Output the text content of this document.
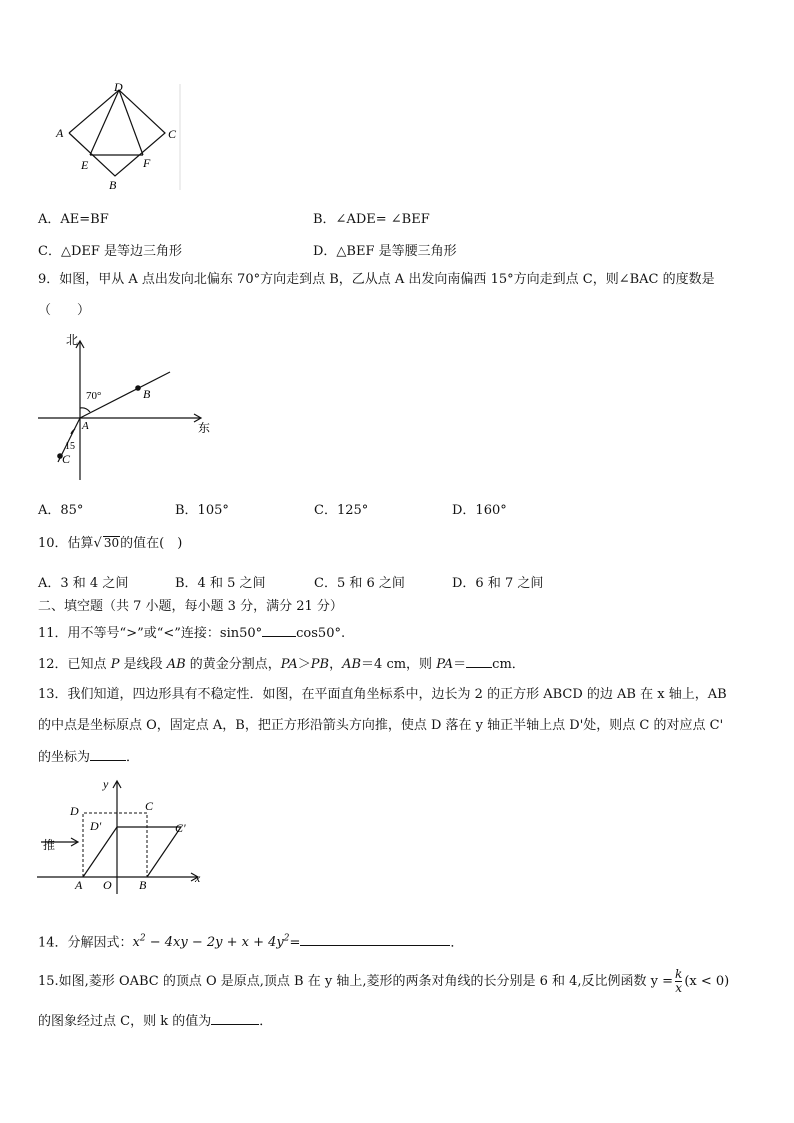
D
A	C
E	F
B
A．AE=BF	B．∠ADE= ∠BEF
C．△DEF 是等边三角形	D．△BEF 是等腰三角形
9．如图，甲从 A 点出发向北偏东 70°方向走到点 B，乙从点 A 出发向南偏西 15°方向走到点 C，则∠BAC 的度数是
（　　）
北
东
70°
15
A
B
C
A．85°	B．105°	C．125°	D．160°
10．估算√ 30的值在(　)
A．3 和 4 之间	B．4 和 5 之间	C．5 和 6 之间	D．6 和 7 之间
二、填空题（共 7 小题，每小题 3 分，满分 21 分）
11．用不等号“>”或“<”连接：sin50°	cos50°.
12．已知点 P 是线段 AB 的黄金分割点，PA＞PB，AB＝4 cm，则 PA＝ cm．
13．我们知道，四边形具有不稳定性．如图，在平面直角坐标系中，边长为 2 的正方形 ABCD 的边 AB 在 x 轴上，AB
的中点是坐标原点 O，固定点 A，B，把正方形沿箭头方向推，使点 D 落在 y 轴正半轴上点 D'处，则点 C 的对应点 C'
的坐标为	．
y
x
D	C
D'	C'
推
A O B
14．分解因式：$x^2 - 4xy - 2y + x + 4y^2=$	．
15.如图,菱形 OABC 的顶点 O 是原点,顶点 B 在 y 轴上,菱形的两条对角线的长分别是 6 和 4,反比例函数 $y = \frac{k}{x} (x < 0)$
的图象经过点 C，则 k 的值为	．
